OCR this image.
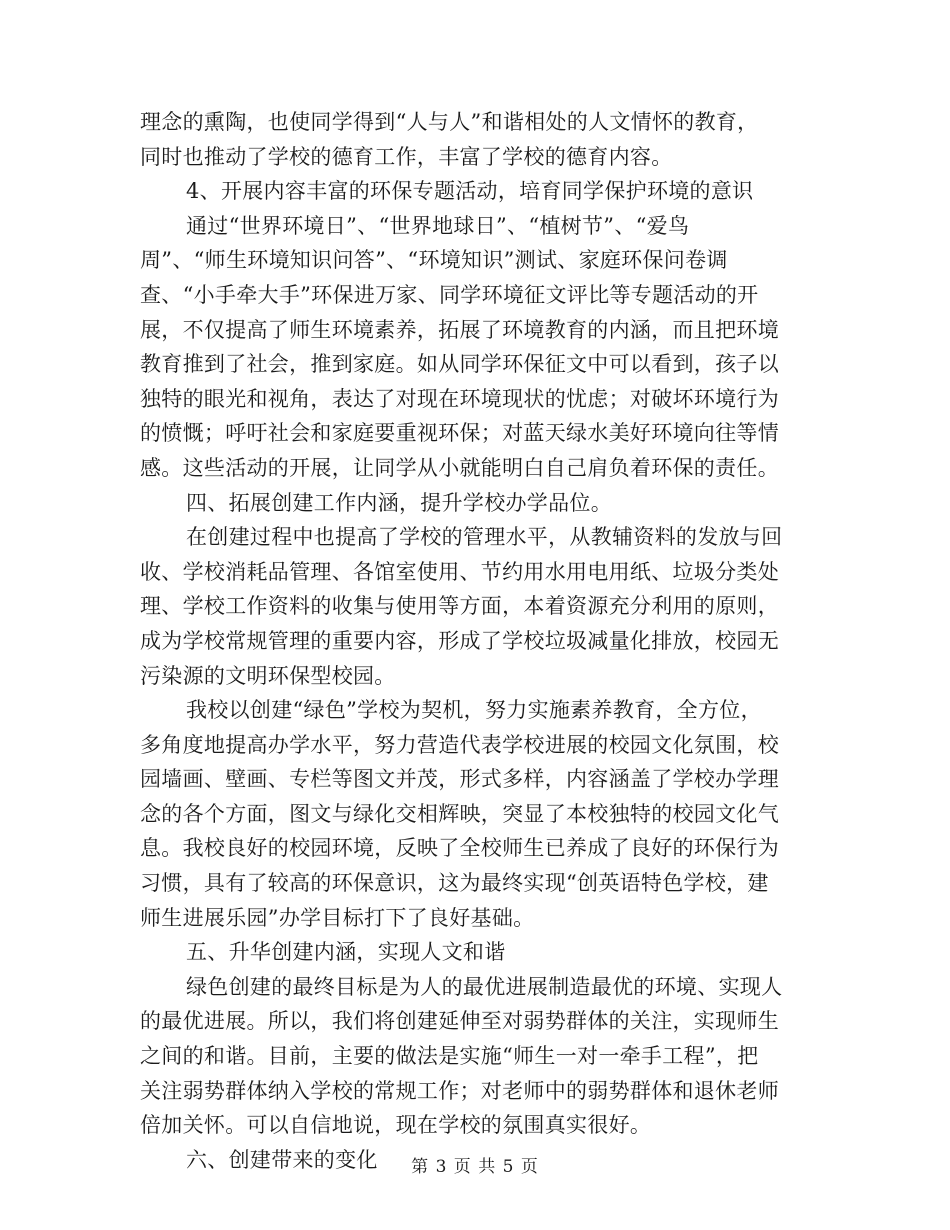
理念的熏陶，也使同学得到“人与人”和谐相处的人文情怀的教育，
同时也推动了学校的德育工作，丰富了学校的德育内容。
4、开展内容丰富的环保专题活动，培育同学保护环境的意识
通过“世界环境日”、“世界地球日”、“植树节”、“爱鸟
周”、“师生环境知识问答”、“环境知识”测试、家庭环保问卷调
查、“小手牵大手”环保进万家、同学环境征文评比等专题活动的开
展，不仅提高了师生环境素养，拓展了环境教育的内涵，而且把环境
教育推到了社会，推到家庭。如从同学环保征文中可以看到，孩子以
独特的眼光和视角，表达了对现在环境现状的忧虑；对破坏环境行为
的愤慨；呼吁社会和家庭要重视环保；对蓝天绿水美好环境向往等情
感。这些活动的开展，让同学从小就能明白自己肩负着环保的责任。
四、拓展创建工作内涵，提升学校办学品位。
在创建过程中也提高了学校的管理水平，从教辅资料的发放与回
收、学校消耗品管理、各馆室使用、节约用水用电用纸、垃圾分类处
理、学校工作资料的收集与使用等方面，本着资源充分利用的原则，
成为学校常规管理的重要内容，形成了学校垃圾减量化排放，校园无
污染源的文明环保型校园。
我校以创建“绿色”学校为契机，努力实施素养教育，全方位，
多角度地提高办学水平，努力营造代表学校进展的校园文化氛围，校
园墙画、壁画、专栏等图文并茂，形式多样，内容涵盖了学校办学理
念的各个方面，图文与绿化交相辉映，突显了本校独特的校园文化气
息。我校良好的校园环境，反映了全校师生已养成了良好的环保行为
习惯，具有了较高的环保意识，这为最终实现“创英语特色学校，建
师生进展乐园”办学目标打下了良好基础。
五、升华创建内涵，实现人文和谐
绿色创建的最终目标是为人的最优进展制造最优的环境、实现人
的最优进展。所以，我们将创建延伸至对弱势群体的关注，实现师生
之间的和谐。目前，主要的做法是实施“师生一对一牵手工程”，把
关注弱势群体纳入学校的常规工作；对老师中的弱势群体和退休老师
倍加关怀。可以自信地说，现在学校的氛围真实很好。
六、创建带来的变化	第 3 页 共 5 页
